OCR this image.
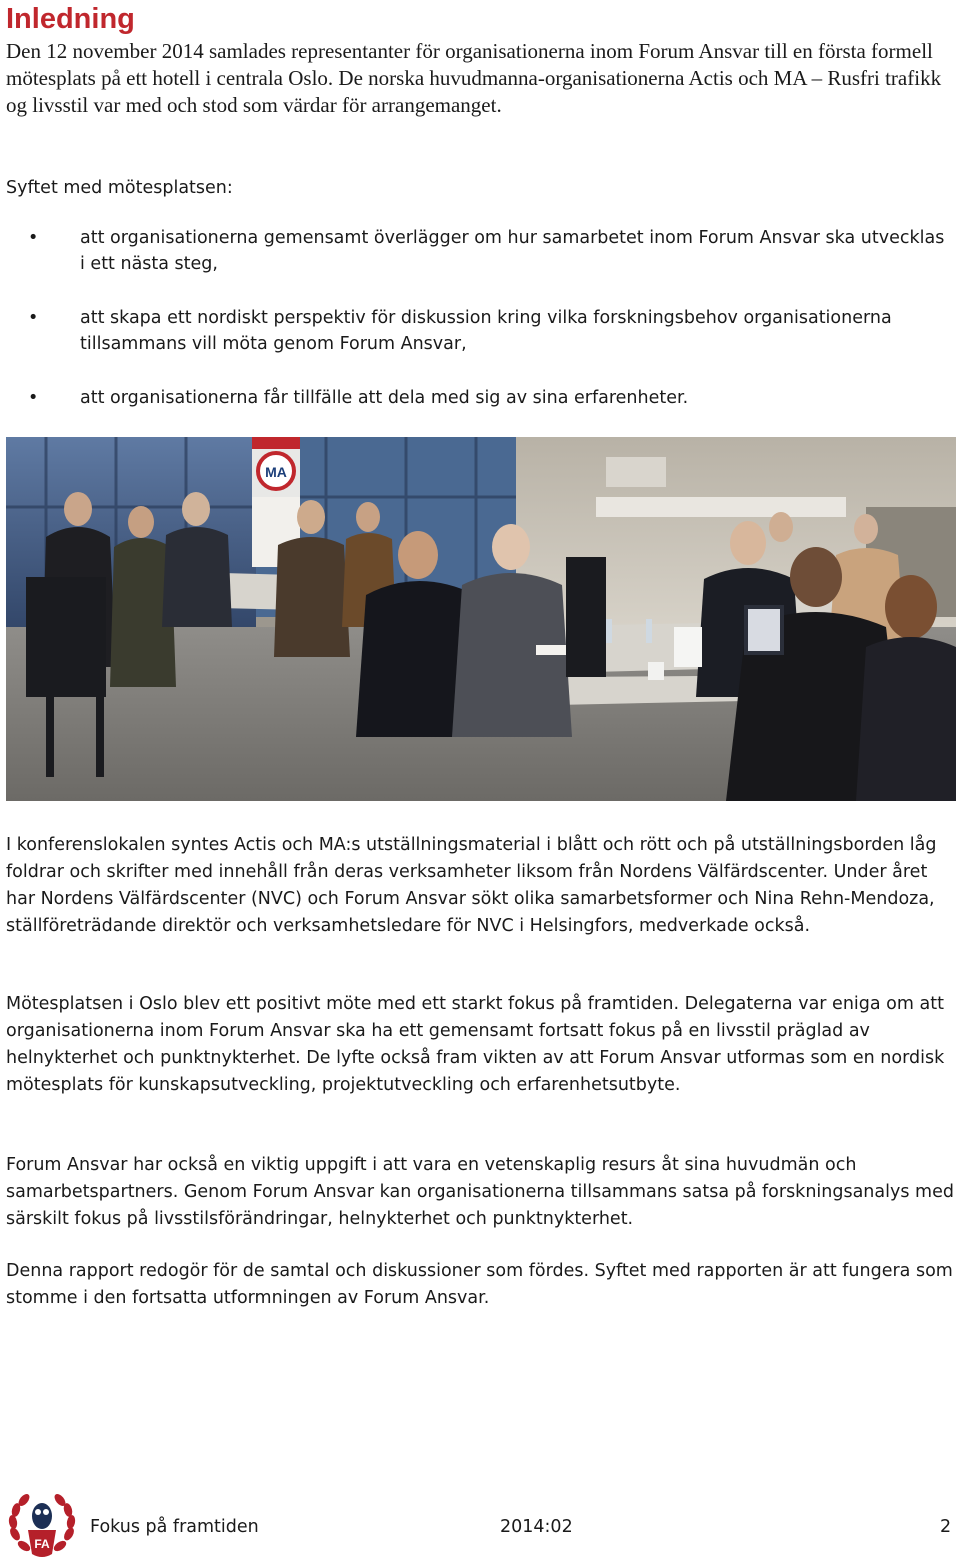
Inledning

Den 12 november 2014 samlades representanter för organisationerna inom Forum Ansvar till en första formell mötesplats på ett hotell i centrala Oslo. De norska huvudmanna-organisationerna Actis och MA – Rusfri trafikk og livsstil var med och stod som värdar för arrangemanget.

Syftet med mötesplatsen:

• att organisationerna gemensamt överlägger om hur samarbetet inom Forum Ansvar ska utvecklas i ett nästa steg,
• att skapa ett nordiskt perspektiv för diskussion kring vilka forskningsbehov organisationerna tillsammans vill möta genom Forum Ansvar,
• att organisationerna får tillfälle att dela med sig av sina erfarenheter.
MA

I konferenslokalen syntes Actis och MA:s utställningsmaterial i blått och rött och på utställningsborden låg foldrar och skrifter med innehåll från deras verksamheter liksom från Nordens Välfärdscenter. Under året har Nordens Välfärdscenter (NVC) och Forum Ansvar sökt olika samarbetsformer och Nina Rehn-Mendoza, ställföreträdande direktör och verksamhetsledare för NVC i Helsingfors, medverkade också.

Mötesplatsen i Oslo blev ett positivt möte med ett starkt fokus på framtiden. Delegaterna var eniga om att organisationerna inom Forum Ansvar ska ha ett gemensamt fortsatt fokus på en livsstil präglad av helnykterhet och punktnykterhet. De lyfte också fram vikten av att Forum Ansvar utformas som en nordisk mötesplats för kunskapsutveckling, projektutveckling och erfarenhetsutbyte.

Forum Ansvar har också en viktig uppgift i att vara en vetenskaplig resurs åt sina huvudmän och samarbetspartners. Genom Forum Ansvar kan organisationerna tillsammans satsa på forskningsanalys med särskilt fokus på livsstilsförändringar, helnykterhet och punktnykterhet.

Denna rapport redogör för de samtal och diskussioner som fördes. Syftet med rapporten är att fungera som stomme i den fortsatta utformningen av Forum Ansvar.

FA
Fokus på framtiden	2014:02	2
